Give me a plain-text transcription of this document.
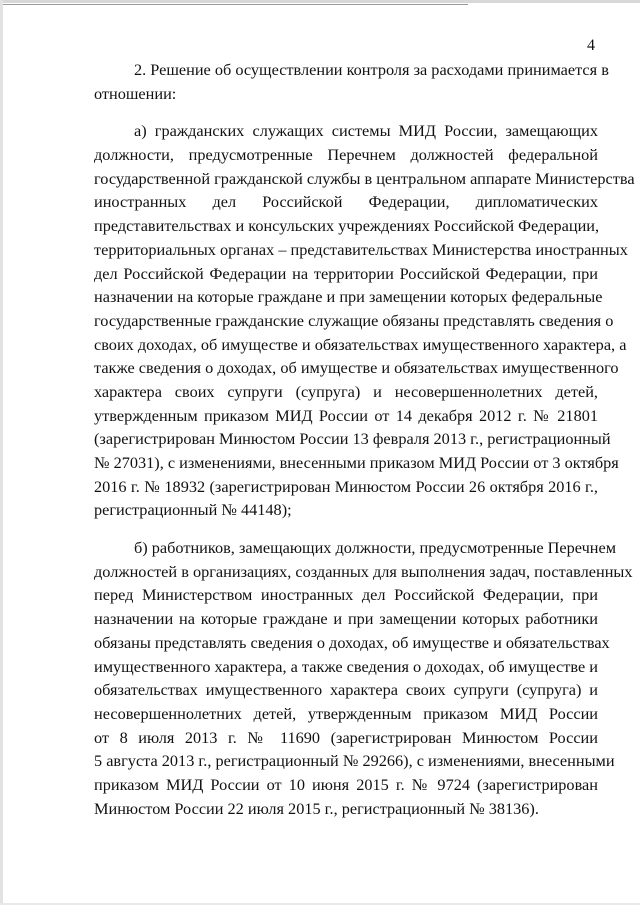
4
2. Решение об осуществлении контроля за расходами принимается в
отношении:
а) гражданских служащих системы МИД России, замещающих
должности, предусмотренные Перечнем должностей федеральной
государственной гражданской службы в центральном аппарате Министерства
иностранных дел Российской Федерации, дипломатических
представительствах и консульских учреждениях Российской Федерации,
территориальных органах – представительствах Министерства иностранных
дел Российской Федерации на территории Российской Федерации, при
назначении на которые граждане и при замещении которых федеральные
государственные гражданские служащие обязаны представлять сведения о
своих доходах, об имуществе и обязательствах имущественного характера, а
также сведения о доходах, об имуществе и обязательствах имущественного
характера своих супруги (супруга) и несовершеннолетних детей,
утвержденным приказом МИД России от 14 декабря 2012 г. № 21801
(зарегистрирован Минюстом России 13 февраля 2013 г., регистрационный
№ 27031), с изменениями, внесенными приказом МИД России от 3 октября
2016 г. № 18932 (зарегистрирован Минюстом России 26 октября 2016 г.,
регистрационный № 44148);
б) работников, замещающих должности, предусмотренные Перечнем
должностей в организациях, созданных для выполнения задач, поставленных
перед Министерством иностранных дел Российской Федерации, при
назначении на которые граждане и при замещении которых работники
обязаны представлять сведения о доходах, об имуществе и обязательствах
имущественного характера, а также сведения о доходах, об имуществе и
обязательствах имущественного характера своих супруги (супруга) и
несовершеннолетних детей, утвержденным приказом МИД России
от 8 июля 2013 г. № 11690 (зарегистрирован Минюстом России
5 августа 2013 г., регистрационный № 29266), с изменениями, внесенными
приказом МИД России от 10 июня 2015 г. № 9724 (зарегистрирован
Минюстом России 22 июля 2015 г., регистрационный № 38136).
